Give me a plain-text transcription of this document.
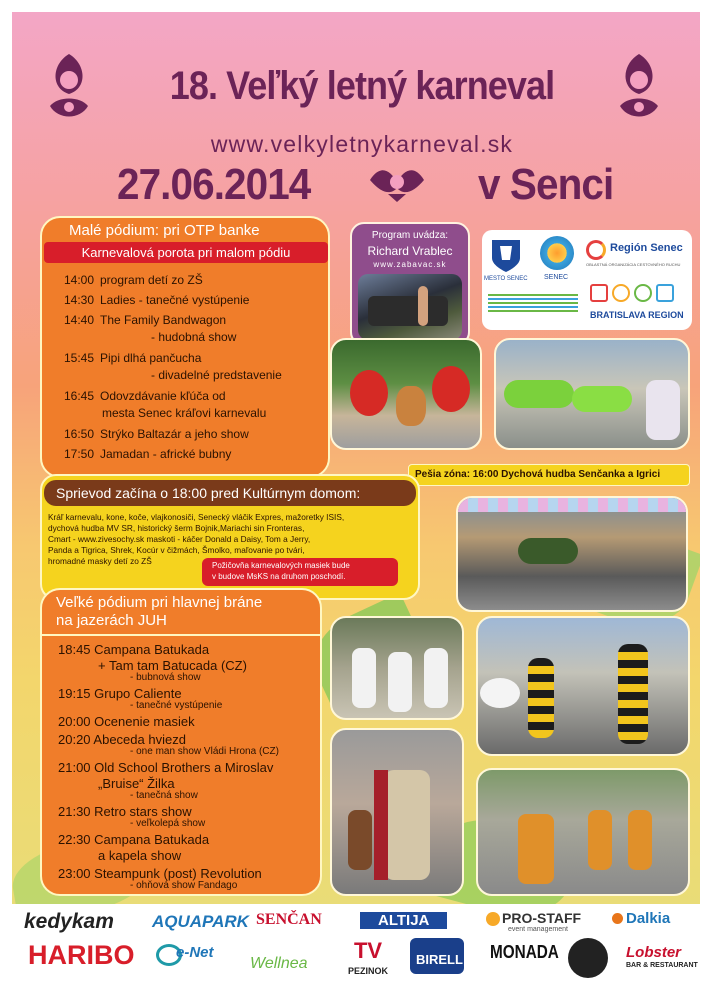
18. Veľký letný karneval
www.velkyletnykarneval.sk
27.06.2014	v Senci
Malé pódium: pri OTP banke
Karnevalová porota pri malom pódiu
Program uvádza:
Richard Vrablec
www.zabavac.sk
MESTO SENEC SENEC
Región Senec
OBLASTNÁ ORGANIZÁCIA CESTOVNÉHO RUCHU
BRATISLAVA REGION
Pešia zóna: 16:00 Dychová hudba Senčanka a Igrici
Sprievod začína o 18:00 pred Kultúrnym domom:
Požičovňa karnevalových masiek bude
v budove MsKS na druhom poschodí.
Veľké pódium pri hlavnej bráne
na jazerách JUH
14:00 program detí zo ZŠ
14:30 Ladies - tanečné vystúpenie
14:40 The Family Bandwagon
- hudobná show
15:45 Pipi dlhá pančucha
- divadelné predstavenie
16:45 Odovzdávanie kľúča od
mesta Senec kráľovi karnevalu
16:50 Strýko Baltazár a jeho show
17:50 Jamadan - africké bubny
Kráľ karnevalu, kone, koče, vlajkonosiči, Senecký vláčik Expres, mažoretky ISIS,
dychová hudba MV SR, historický šerm Bojnik,Mariachi sin Fronteras,
Cmart - www.zivesochy.sk maskoti - káčer Donald a Daisy, Tom a Jerry,
Panda a Tigrica, Shrek, Kocúr v čižmách, Šmolko, maľovanie po tvári,
hromadné masky detí zo ZŠ
18:45 Campana Batukada
+ Tam tam Batucada (CZ)
- bubnová show
19:15 Grupo Caliente
- tanečné vystúpenie
20:00 Ocenenie masiek
20:20 Abeceda hviezd
- one man show Vládi Hrona (CZ)
21:00 Old School Brothers a Miroslav
„Bruise“ Žilka
- tanečná show
21:30 Retro stars show
- veľkolepá show
22:30 Campana Batukada
a kapela show
23:00 Steampunk (post) Revolution
- ohňová show Fandago
kedykam AQUAPARK SENČAN	ALTIJA	PRO-STAFF
event management
Dalkia
HARIBO	e-Net
Wellnea
TV
PEZINOK
BIRELL MONADA	Lobster
BAR & RESTAURANT
